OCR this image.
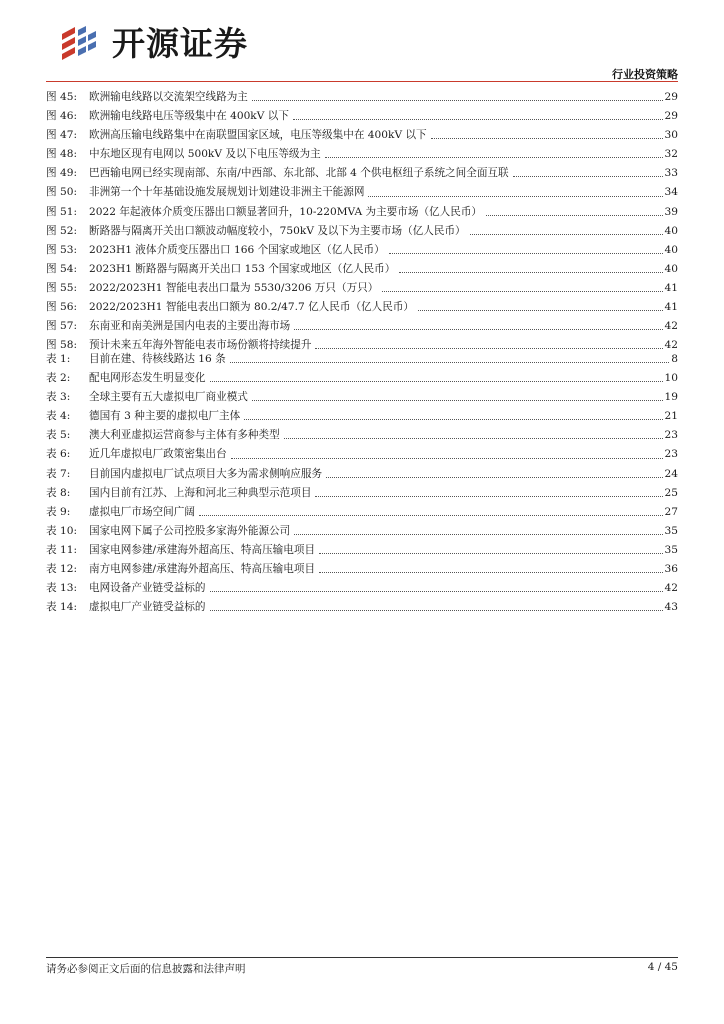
开源证券
行业投资策略
图 45:	欧洲输电线路以交流架空线路为主	29
图 46:	欧洲输电线路电压等级集中在 400kV 以下	29
图 47:	欧洲高压输电线路集中在南联盟国家区域，电压等级集中在 400kV 以下	30
图 48:	中东地区现有电网以 500kV 及以下电压等级为主	32
图 49:	巴西输电网已经实现南部、东南/中西部、东北部、北部 4 个供电枢纽子系统之间全面互联	33
图 50:	非洲第一个十年基础设施发展规划计划建设非洲主干能源网	34
图 51:	2022 年起液体介质变压器出口额显著回升，10-220MVA 为主要市场（亿人民币）	39
图 52:	断路器与隔离开关出口额波动幅度较小，750kV 及以下为主要市场（亿人民币）	40
图 53:	2023H1 液体介质变压器出口 166 个国家或地区（亿人民币）	40
图 54:	2023H1 断路器与隔离开关出口 153 个国家或地区（亿人民币）	40
图 55:	2022/2023H1 智能电表出口量为 5530/3206 万只（万只）	41
图 56:	2022/2023H1 智能电表出口额为 80.2/47.7 亿人民币（亿人民币）	41
图 57:	东南亚和南美洲是国内电表的主要出海市场	42
图 58:	预计未来五年海外智能电表市场份额将持续提升	42
表 1:	目前在建、待核线路达 16 条	8
表 2:	配电网形态发生明显变化	10
表 3:	全球主要有五大虚拟电厂商业模式	19
表 4:	德国有 3 种主要的虚拟电厂主体	21
表 5:	澳大利亚虚拟运营商参与主体有多种类型	23
表 6:	近几年虚拟电厂政策密集出台	23
表 7:	目前国内虚拟电厂试点项目大多为需求侧响应服务	24
表 8:	国内目前有江苏、上海和河北三种典型示范项目	25
表 9:	虚拟电厂市场空间广阔	27
表 10:	国家电网下属子公司控股多家海外能源公司	35
表 11:	国家电网参建/承建海外超高压、特高压输电项目	35
表 12:	南方电网参建/承建海外超高压、特高压输电项目	36
表 13:	电网设备产业链受益标的	42
表 14:	虚拟电厂产业链受益标的	43
请务必参阅正文后面的信息披露和法律声明	4 / 45
